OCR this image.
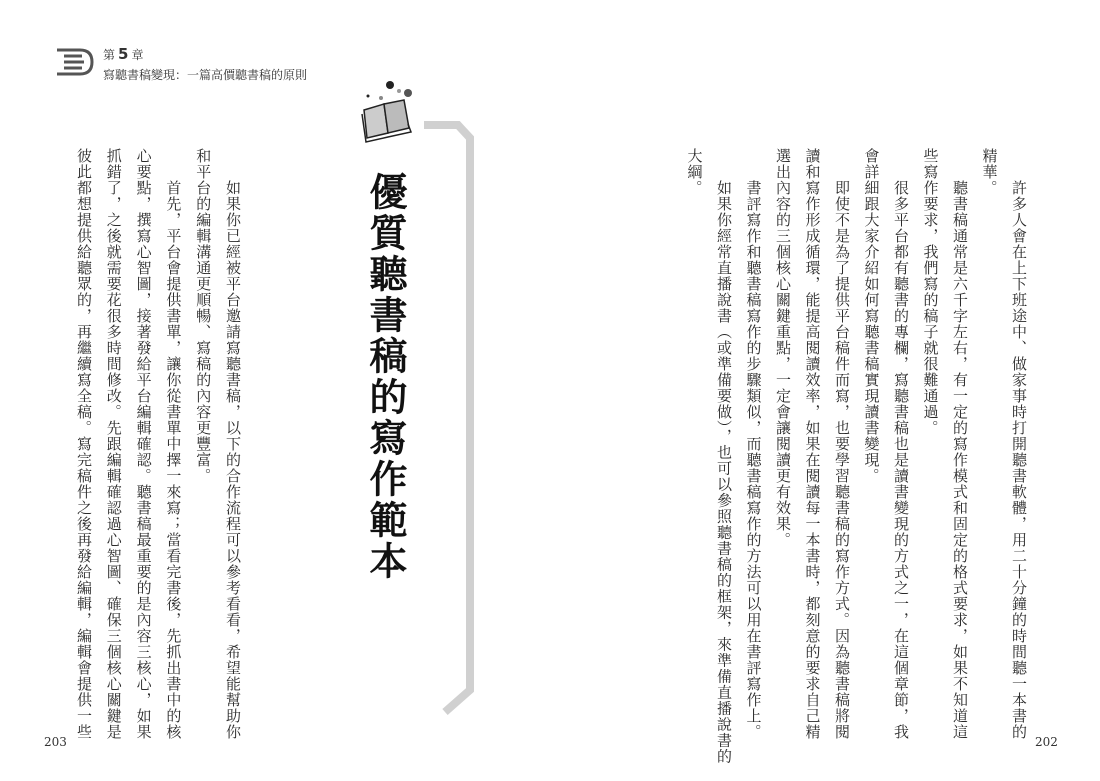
第 5 章
寫聽書稿變現：一篇高價聽書稿的原則
優質聽書稿的寫作範本
如果你已經被平台邀請寫聽書稿，以下的合作流程可以參考看看，希望能幫助你
和平台的編輯溝通更順暢、寫稿的內容更豐富。
首先，平台會提供書單，讓你從書單中擇一來寫；當看完書後，先抓出書中的核
心要點，撰寫心智圖，接著發給平台編輯確認。聽書稿最重要的是內容三核心，如果
抓錯了，之後就需要花很多時間修改。先跟編輯確認過心智圖、確保三個核心關鍵是
彼此都想提供給聽眾的，再繼續寫全稿。寫完稿件之後再發給編輯，編輯會提供一些	許多人會在上下班途中、做家事時打開聽書軟體，用二十分鐘的時間聽一本書的
精華。
聽書稿通常是六千字左右，有一定的寫作模式和固定的格式要求，如果不知道這
些寫作要求，我們寫的稿子就很難通過。
很多平台都有聽書的專欄，寫聽書稿也是讀書變現的方式之一，在這個章節，我
會詳細跟大家介紹如何寫聽書稿實現讀書變現。
即使不是為了提供平台稿件而寫，也要學習聽書稿的寫作方式。因為聽書稿將閱
讀和寫作形成循環，能提高閱讀效率，如果在閱讀每一本書時，都刻意的要求自己精
選出內容的三個核心關鍵重點，一定會讓閱讀更有效果。
書評寫作和聽書稿寫作的步驟類似，而聽書稿寫作的方法可以用在書評寫作上。
如果你經常直播說書（或準備要做），也可以參照聽書稿的框架，來準備直播說書的
大綱。
203	202
